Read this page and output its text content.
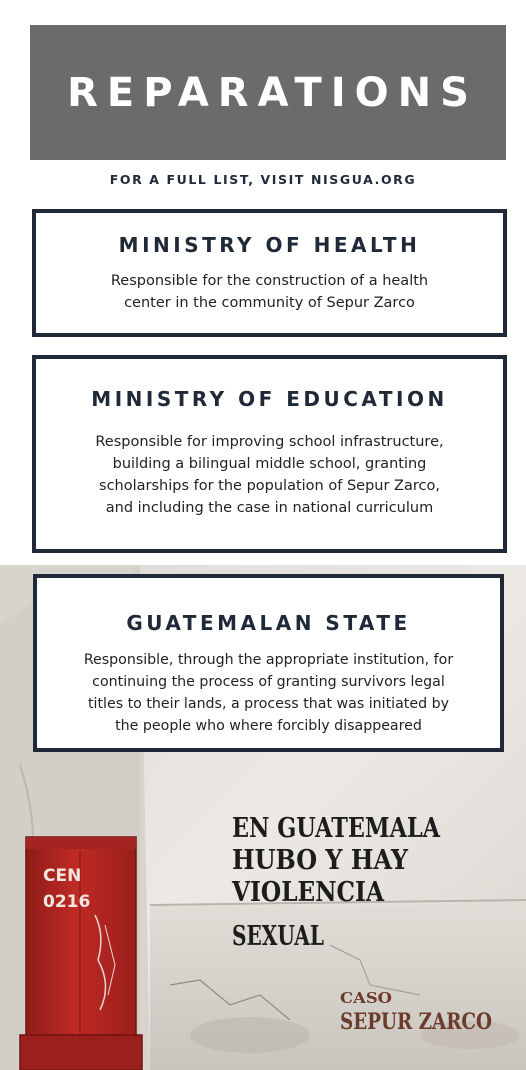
REPARATIONS
FOR A FULL LIST, VISIT NISGUA.ORG
CEN
0216
EN GUATEMALA
HUBO Y HAY
VIOLENCIA
SEXUAL
CASO
SEPUR ZARCO
MINISTRY OF HEALTH

Responsible for the construction of a health
center in the community of Sepur Zarco

MINISTRY OF EDUCATION

Responsible for improving school infrastructure,
building a bilingual middle school, granting
scholarships for the population of Sepur Zarco,
and including the case in national curriculum

GUATEMALAN STATE

Responsible, through the appropriate institution, for
continuing the process of granting survivors legal
titles to their lands, a process that was initiated by
the people who where forcibly disappeared
